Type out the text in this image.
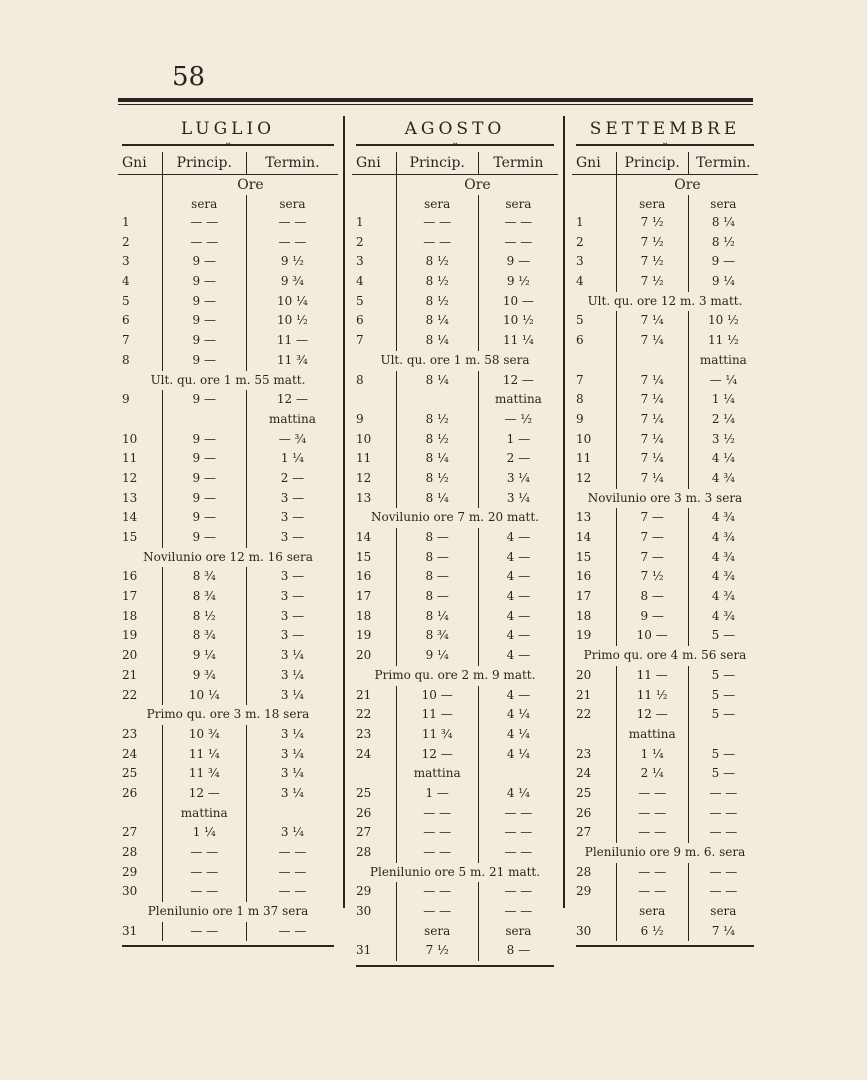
58
LUGLIO
⌄
Gni	Princip.	Termin.
Ore
sera	sera
1	— —	— —
2	— —	— —
3	9 —	9 ½
4	9 —	9 ¾
5	9 —	10 ¼
6	9 —	10 ½
7	9 —	11 —
8	9 —	11 ¾
Ult. qu. ore 1 m. 55 matt.
9	9 —	12 —
mattina
10	9 —	— ¾
11	9 —	1 ¼
12	9 —	2 —
13	9 —	3 —
14	9 —	3 —
15	9 —	3 —
Novilunio ore 12 m. 16 sera
16	8 ¾	3 —
17	8 ¾	3 —
18	8 ½	3 —
19	8 ¾	3 —
20	9 ¼	3 ¼
21	9 ¾	3 ¼
22	10 ¼	3 ¼
Primo qu. ore 3 m. 18 sera
23	10 ¾	3 ¼
24	11 ¼	3 ¼
25	11 ¾	3 ¼
26	12 —	3 ¼
mattina
27	1 ¼	3 ¼
28	— —	— —
29	— —	— —
30	— —	— —
Plenilunio ore 1 m 37 sera
31	— —	— —
AGOSTO
⌄
Gni	Princip.	Termin
Ore
sera	sera
1	— —	— —
2	— —	— —
3	8 ½	9 —
4	8 ½	9 ½
5	8 ½	10 —
6	8 ¼	10 ½
7	8 ¼	11 ¼
Ult. qu. ore 1 m. 58 sera
8	8 ¼	12 —
mattina
9	8 ½	— ½
10	8 ½	1 —
11	8 ¼	2 —
12	8 ½	3 ¼
13	8 ¼	3 ¼
Novilunio ore 7 m. 20 matt.
14	8 —	4 —
15	8 —	4 —
16	8 —	4 —
17	8 —	4 —
18	8 ¼	4 —
19	8 ¾	4 —
20	9 ¼	4 —
Primo qu. ore 2 m. 9 matt.
21	10 —	4 —
22	11 —	4 ¼
23	11 ¾	4 ¼
24	12 —	4 ¼
mattina
25	1 —	4 ¼
26	— —	— —
27	— —	— —
28	— —	— —
Plenilunio ore 5 m. 21 matt.
29	— —	— —
30	— —	— —
sera	sera
31	7 ½	8 —
SETTEMBRE
⌄
Gni	Princip.	Termin.
Ore
sera	sera
1	7 ½	8 ¼
2	7 ½	8 ½
3	7 ½	9 —
4	7 ½	9 ¼
Ult. qu. ore 12 m. 3 matt.
5	7 ¼	10 ½
6	7 ¼	11 ½
mattina
7	7 ¼	— ¼
8	7 ¼	1 ¼
9	7 ¼	2 ¼
10	7 ¼	3 ½
11	7 ¼	4 ¼
12	7 ¼	4 ¾
Novilunio ore 3 m. 3 sera
13	7 —	4 ¾
14	7 —	4 ¾
15	7 —	4 ¾
16	7 ½	4 ¾
17	8 —	4 ¾
18	9 —	4 ¾
19	10 —	5 —
Primo qu. ore 4 m. 56 sera
20	11 —	5 —
21	11 ½	5 —
22	12 —	5 —
mattina
23	1 ¼	5 —
24	2 ¼	5 —
25	— —	— —
26	— —	— —
27	— —	— —
Plenilunio ore 9 m. 6. sera
28	— —	— —
29	— —	— —
sera	sera
30	6 ½	7 ¼
